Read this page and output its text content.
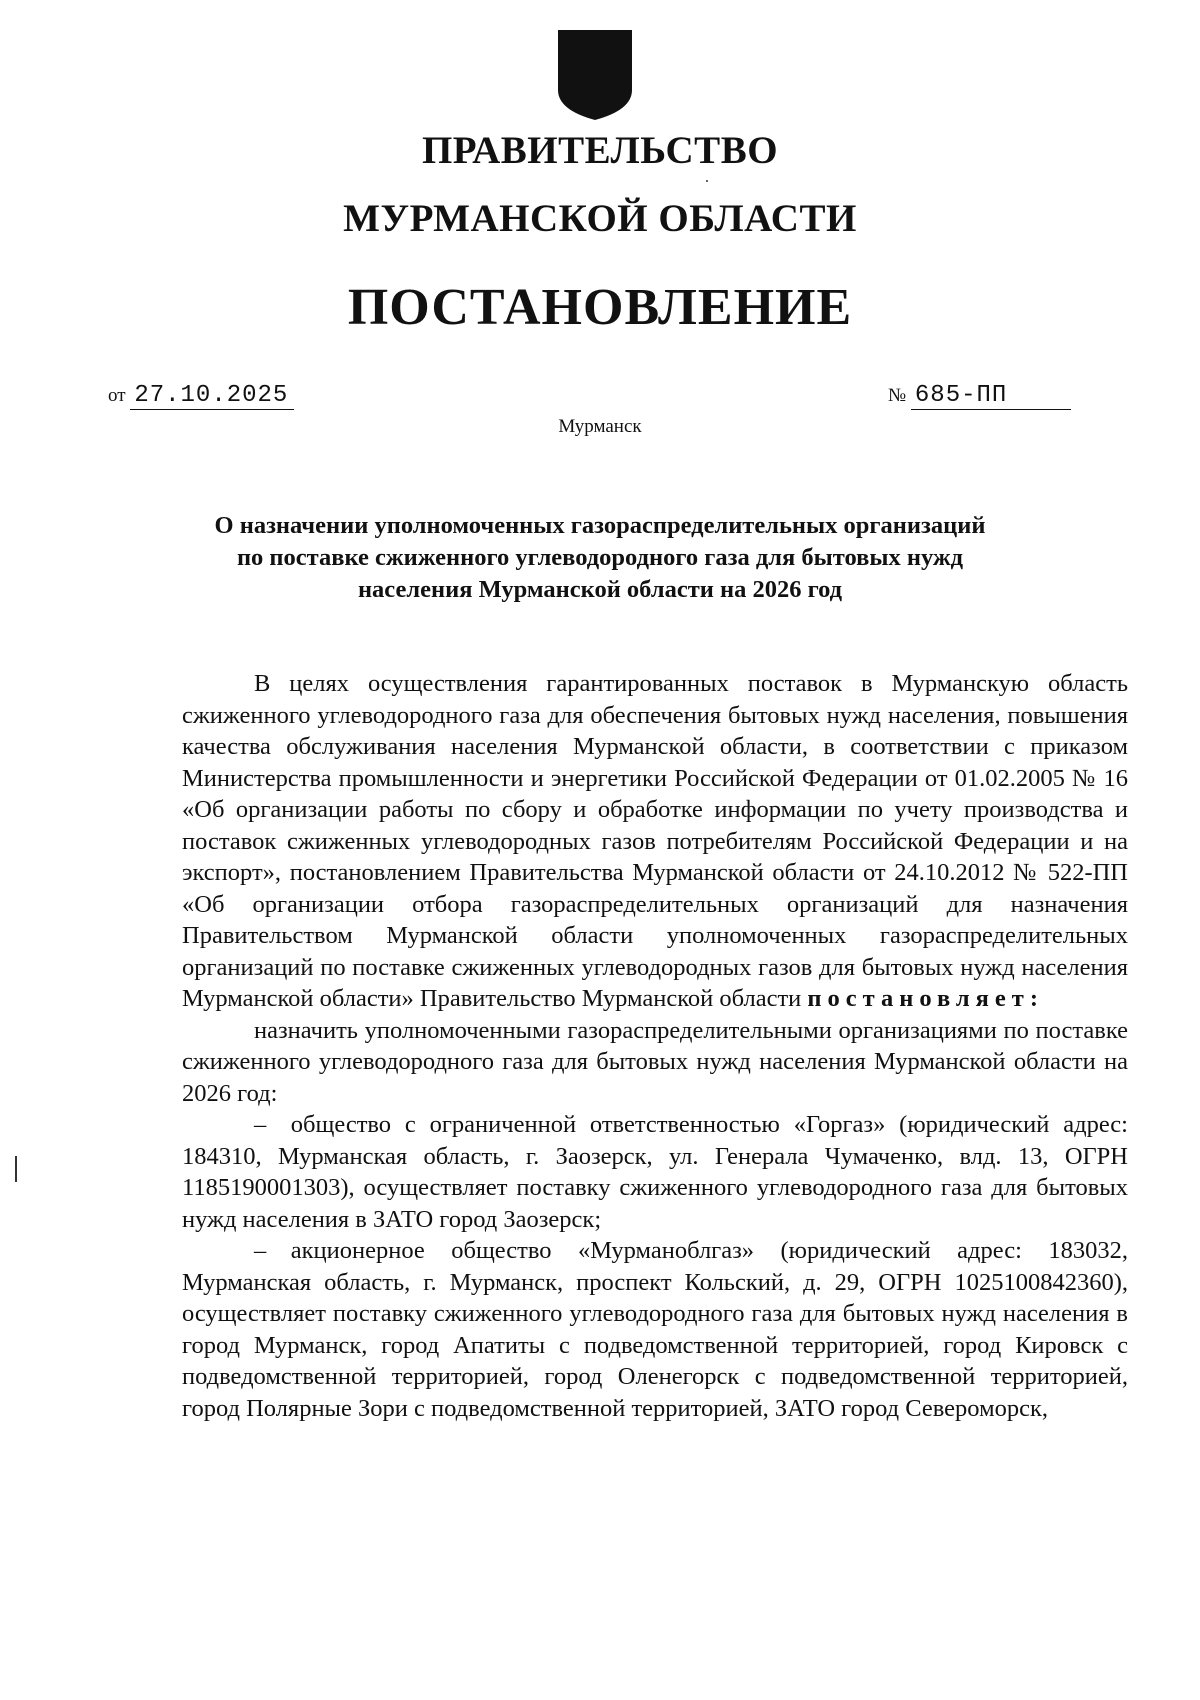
ПРАВИТЕЛЬСТВО
МУРМАНСКОЙ ОБЛАСТИ
ПОСТАНОВЛЕНИЕ
от 27.10.2025	№ 685-ПП
Мурманск
О назначении уполномоченных газораспределительных организаций
по поставке сжиженного углеводородного газа для бытовых нужд
населения Мурманской области на 2026 год

В целях осуществления гарантированных поставок в Мурманскую область сжиженного углеводородного газа для обеспечения бытовых нужд населения, повышения качества обслуживания населения Мурманской области, в соответствии с приказом Министерства промышленности и энергетики Российской Федерации от 01.02.2005 № 16 «Об организации работы по сбору и обработке информации по учету производства и поставок сжиженных углеводородных газов потребителям Российской Федерации и на экспорт», постановлением Правительства Мурманской области от 24.10.2012 № 522-ПП «Об организации отбора газораспределительных организаций для назначения Правительством Мурманской области уполномоченных газораспределительных организаций по поставке сжиженных углеводородных газов для бытовых нужд населения Мурманской области» Правительство Мурманской области постановляет:

назначить уполномоченными газораспределительными организациями по поставке сжиженного углеводородного газа для бытовых нужд населения Мурманской области на 2026 год:

– общество с ограниченной ответственностью «Горгаз» (юридический адрес: 184310, Мурманская область, г. Заозерск, ул. Генерала Чумаченко, влд. 13, ОГРН 1185190001303), осуществляет поставку сжиженного углеводородного газа для бытовых нужд населения в ЗАТО город Заозерск;

– акционерное общество «Мурманоблгаз» (юридический адрес: 183032, Мурманская область, г. Мурманск, проспект Кольский, д. 29, ОГРН 1025100842360), осуществляет поставку сжиженного углеводородного газа для бытовых нужд населения в город Мурманск, город Апатиты с подведомственной территорией, город Кировск с подведомственной территорией, город Оленегорск с подведомственной территорией, город Полярные Зори с подведомственной территорией, ЗАТО город Североморск,
